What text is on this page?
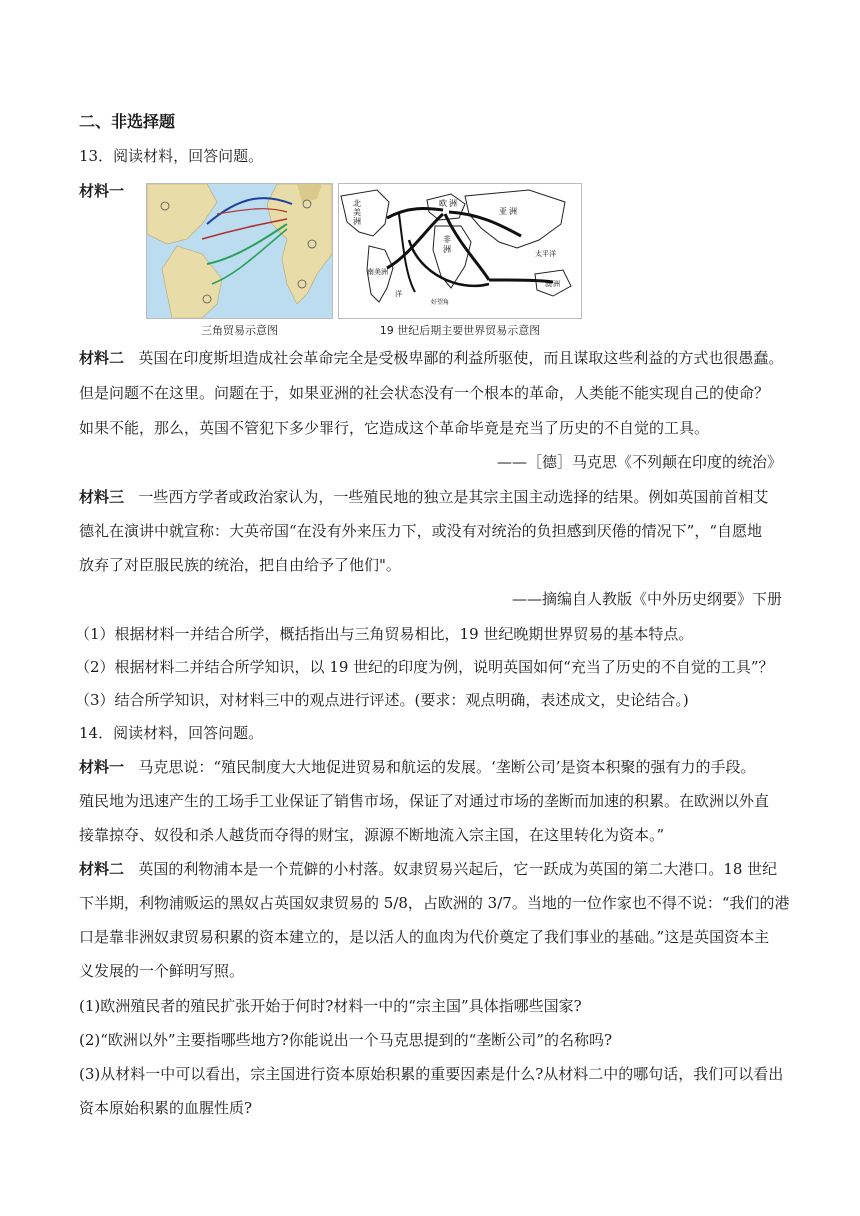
二、非选择题
13．阅读材料，回答问题。
材料一
三角贸易示意图
北
美
洲
欧 洲
非
洲
亚 洲
南美洲
太平洋
洋
澳 洲
好望角
19 世纪后期主要世界贸易示意图
材料二 英国在印度斯坦造成社会革命完全是受极卑鄙的利益所驱使，而且谋取这些利益的方式也很愚蠢。
但是问题不在这里。问题在于，如果亚洲的社会状态没有一个根本的革命，人类能不能实现自己的使命？
如果不能，那么，英国不管犯下多少罪行，它造成这个革命毕竟是充当了历史的不自觉的工具。
——［德］马克思《不列颠在印度的统治》
材料三 一些西方学者或政治家认为，一些殖民地的独立是其宗主国主动选择的结果。例如英国前首相艾
德礼在演讲中就宣称：大英帝国“在没有外来压力下，或没有对统治的负担感到厌倦的情况下”，“自愿地
放弃了对臣服民族的统治，把自由给予了他们"。
——摘编自人教版《中外历史纲要》下册
（1）根据材料一并结合所学，概括指出与三角贸易相比，19 世纪晚期世界贸易的基本特点。
（2）根据材料二并结合所学知识，以 19 世纪的印度为例，说明英国如何“充当了历史的不自觉的工具”？
（3）结合所学知识，对材料三中的观点进行评述。(要求：观点明确，表述成文，史论结合。)
14．阅读材料，回答问题。
材料一 马克思说：“殖民制度大大地促进贸易和航运的发展。‘垄断公司’是资本积聚的强有力的手段。
殖民地为迅速产生的工场手工业保证了销售市场，保证了对通过市场的垄断而加速的积累。在欧洲以外直
接靠掠夺、奴役和杀人越货而夺得的财宝，源源不断地流入宗主国，在这里转化为资本。”
材料二 英国的利物浦本是一个荒僻的小村落。奴隶贸易兴起后，它一跃成为英国的第二大港口。18 世纪
下半期，利物浦贩运的黑奴占英国奴隶贸易的 5/8，占欧洲的 3/7。当地的一位作家也不得不说：“我们的港
口是靠非洲奴隶贸易积累的资本建立的，是以活人的血肉为代价奠定了我们事业的基础。”这是英国资本主
义发展的一个鲜明写照。
(1)欧洲殖民者的殖民扩张开始于何时?材料一中的“宗主国”具体指哪些国家?
(2)“欧洲以外”主要指哪些地方?你能说出一个马克思提到的“垄断公司”的名称吗?
(3)从材料一中可以看出，宗主国进行资本原始积累的重要因素是什么?从材料二中的哪句话，我们可以看出
资本原始积累的血腥性质?
